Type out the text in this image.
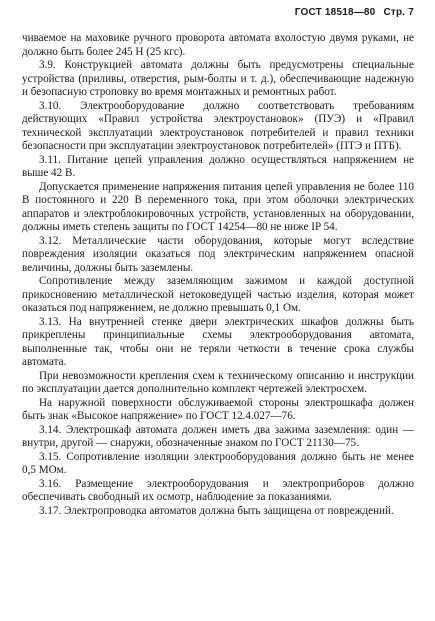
ГОСТ 18518—80 Стр. 7

чиваемое на маховике ручного проворота автомата вхолостую двумя руками, не должно быть более 245 Н (25 кгс).

3.9. Конструкцией автомата должны быть предусмотрены специальные устройства (приливы, отверстия, рым-болты и т. д.), обеспечивающие надежную и безопасную строповку во время монтажных и ремонтных работ.

3.10. Электрооборудование должно соответствовать требованиям действующих «Правил устройства электроустановок» (ПУЭ) и «Правил технической эксплуатации электроустановок потребителей и правил техники безопасности при эксплуатации электроустановок потребителей» (ПТЭ и ПТБ).

3.11. Питание цепей управления должно осуществляться напряжением не выше 42 В.

Допускается применение напряжения питания цепей управления не более 110 В постоянного и 220 В переменного тока, при этом оболочки электрических аппаратов и электроблокировочных устройств, установленных на оборудовании, должны иметь степень защиты по ГОСТ 14254—80 не ниже IP 54.

3.12. Металлические части оборудования, которые могут вследствие повреждения изоляции оказаться под электрическим напряжением опасной величины, должны быть заземлены.

Сопротивление между заземляющим зажимом и каждой доступной прикосновению металлической нетоковедущей частью изделия, которая может оказаться под напряжением, не должно превышать 0,1 Ом.

3.13. На внутренней стенке двери электрических шкафов должны быть прикреплены принципиальные схемы электрооборудования автомата, выполненные так, чтобы они не теряли четкости в течение срока службы автомата.

При невозможности крепления схем к техническому описанию и инструкции по эксплуатации дается дополнительно комплект чертежей электросхем.

На наружной поверхности обслуживаемой стороны электрошкафа должен быть знак «Высокое напряжение» по ГОСТ 12.4.027—76.

3.14. Электрошкаф автомата должен иметь два зажима заземления: один — внутри, другой — снаружи, обозначенные знаком по ГОСТ 21130—75.

3.15. Сопротивление изоляции электрооборудования должно быть не менее 0,5 МОм.

3.16. Размещение электрооборудования и электроприборов должно обеспечивать свободный их осмотр, наблюдение за показаниями.

3.17. Электропроводка автоматов должна быть защищена от повреждений.
